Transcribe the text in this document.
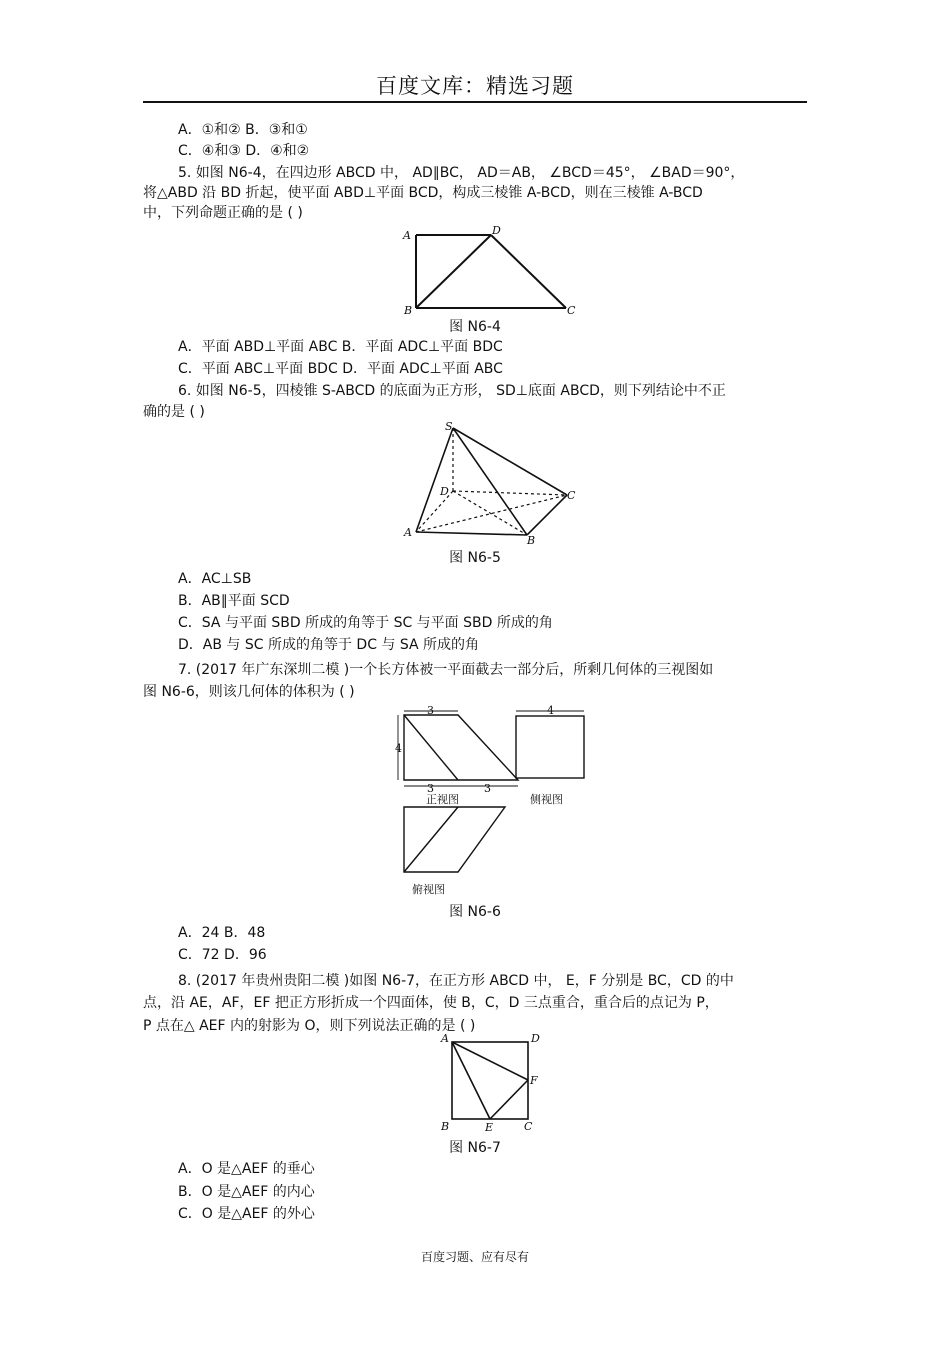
百度文库：精选习题
A．①和② B．③和①
C．④和③ D．④和②
5. 如图 N6-4，在四边形 ABCD 中， AD∥BC， AD＝AB， ∠BCD＝45°， ∠BAD＝90°，
将△ABD 沿 BD 折起，使平面 ABD⊥平面 BCD，构成三棱锥 A-BCD，则在三棱锥 A-BCD
中，下列命题正确的是 ( )
A	D
B	C
图 N6-4
A．平面 ABD⊥平面 ABC B．平面 ADC⊥平面 BDC
C．平面 ABC⊥平面 BDC D．平面 ADC⊥平面 ABC
6. 如图 N6-5，四棱锥 S-ABCD 的底面为正方形， SD⊥底面 ABCD，则下列结论中不正
确的是 ( )
S
D	C
A
B
图 N6-5
A．AC⊥SB
B．AB∥平面 SCD
C．SA 与平面 SBD 所成的角等于 SC 与平面 SBD 所成的角
D．AB 与 SC 所成的角等于 DC 与 SA 所成的角
7. (2017 年广东深圳二模 )一个长方体被一平面截去一部分后，所剩几何体的三视图如
图 N6-6，则该几何体的体积为 ( )
3
4
3	3
4
正视图	侧视图
俯视图
图 N6-6
A．24 B．48
C．72 D．96
8. (2017 年贵州贵阳二模 )如图 N6-7，在正方形 ABCD 中， E，F 分别是 BC，CD 的中
点，沿 AE，AF，EF 把正方形折成一个四面体，使 B，C，D 三点重合，重合后的点记为 P，
P 点在△ AEF 内的射影为 O，则下列说法正确的是 ( )
A	D
F
B	E	C
图 N6-7
A．O 是△AEF 的垂心
B．O 是△AEF 的内心
C．O 是△AEF 的外心
百度习题、应有尽有
